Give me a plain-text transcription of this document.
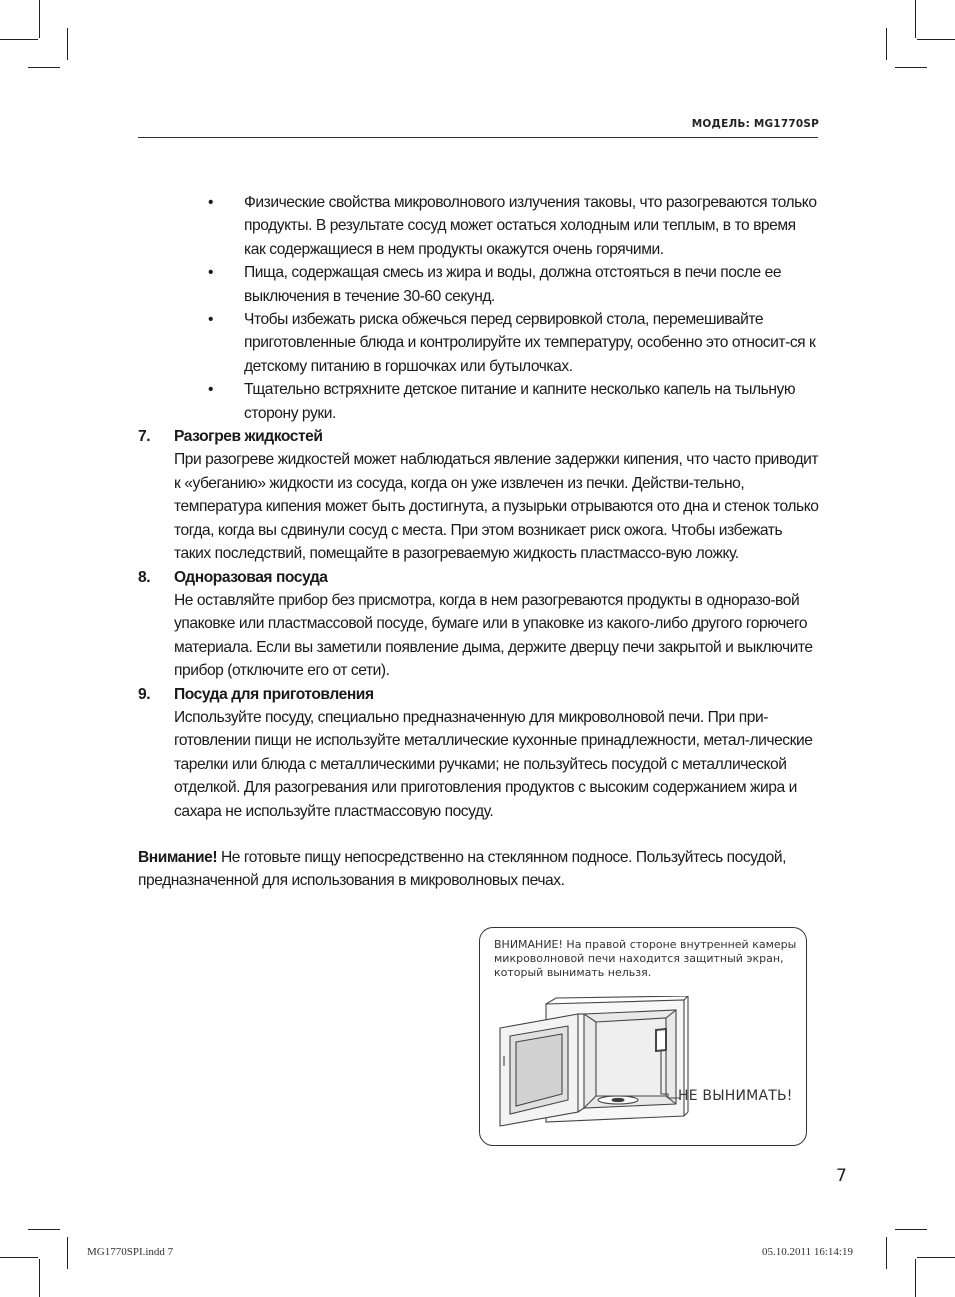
МОДЕЛЬ: MG1770SP
• Физические свойства микроволнового излучения таковы, что разогреваются только продукты. В результате сосуд может остаться холодным или теплым, в то время как содержащиеся в нем продукты окажутся очень горячими.
• Пища, содержащая смесь из жира и воды, должна отстояться в печи после ее выключения в течение 30-60 секунд.
• Чтобы избежать риска обжечься перед сервировкой стола, перемешивайте приготовленные блюда и контролируйте их температуру, особенно это относит-ся к детскому питанию в горшочках или бутылочках.
• Тщательно встряхните детское питание и капните несколько капель на тыльную сторону руки.
7. Разогрев жидкостей
При разогреве жидкостей может наблюдаться явление задержки кипения, что часто приводит к «убеганию» жидкости из сосуда, когда он уже извлечен из печки. Действи-тельно, температура кипения может быть достигнута, а пузырьки отрываются ото дна и стенок только тогда, когда вы сдвинули сосуд с места. При этом возникает риск ожога. Чтобы избежать таких последствий, помещайте в разогреваемую жидкость пластмассо-вую ложку.
8. Одноразовая посуда
Не оставляйте прибор без присмотра, когда в нем разогреваются продукты в одноразо-вой упаковке или пластмассовой посуде, бумаге или в упаковке из какого-либо другого горючего материала. Если вы заметили появление дыма, держите дверцу печи закрытой и выключите прибор (отключите его от сети).
9. Посуда для приготовления
Используйте посуду, специально предназначенную для микроволновой печи. При при-готовлении пищи не используйте металлические кухонные принадлежности, метал-лические тарелки или блюда с металлическими ручками; не пользуйтесь посудой с металлической отделкой. Для разогревания или приготовления продуктов с высоким содержанием жира и сахара не используйте пластмассовую посуду.
Внимание! Не готовьте пищу непосредственно на стеклянном подносе. Пользуйтесь посудой, предназначенной для использования в микроволновых печах.
ВНИМАНИЕ! На правой стороне внутренней камеры микроволновой печи находится защитный экран, который вынимать нельзя.
НЕ ВЫНИМАТЬ!
7
MG1770SPI.indd 7	05.10.2011 16:14:19
